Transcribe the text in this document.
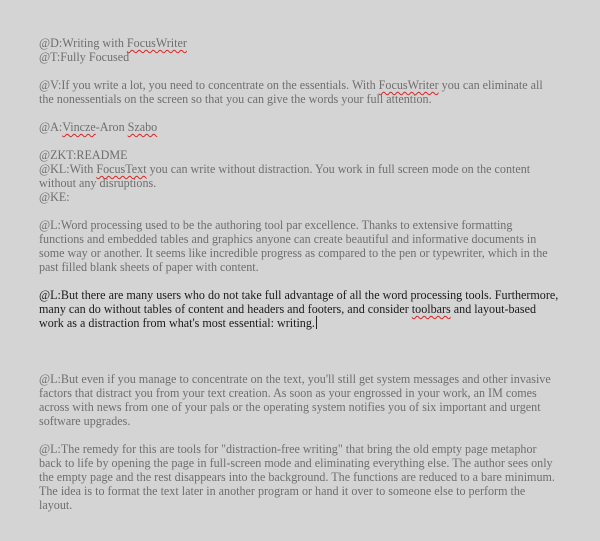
@D:Writing with FocusWriter
@T:Fully Focused

@V:If you write a lot, you need to concentrate on the essentials. With FocusWriter you can eliminate all the nonessentials on the screen so that you can give the words your full attention.

@A:Vincze-Aron Szabo

@ZKT:README
@KL:With FocusText you can write without distraction. You work in full screen mode on the content without any disruptions.
@KE:

@L:Word processing used to be the authoring tool par excellence. Thanks to extensive formatting functions and embedded tables and graphics anyone can create beautiful and informative documents in some way or another. It seems like incredible progress as compared to the pen or typewriter, which in the past filled blank sheets of paper with content.

@L:But there are many users who do not take full advantage of all the word processing tools. Furthermore, many can do without tables of content and headers and footers, and consider toolbars and layout-based work as a distraction from what's most essential: writing.

@L:But even if you manage to concentrate on the text, you'll still get system messages and other invasive factors that distract you from your text creation. As soon as your engrossed in your work, an IM comes across with news from one of your pals or the operating system notifies you of six important and urgent software upgrades.

@L:The remedy for this are tools for "distraction-free writing" that bring the old empty page metaphor back to life by opening the page in full-screen mode and eliminating everything else. The author sees only the empty page and the rest disappears into the background. The functions are reduced to a bare minimum. The idea is to format the text later in another program or hand it over to someone else to perform the layout.
